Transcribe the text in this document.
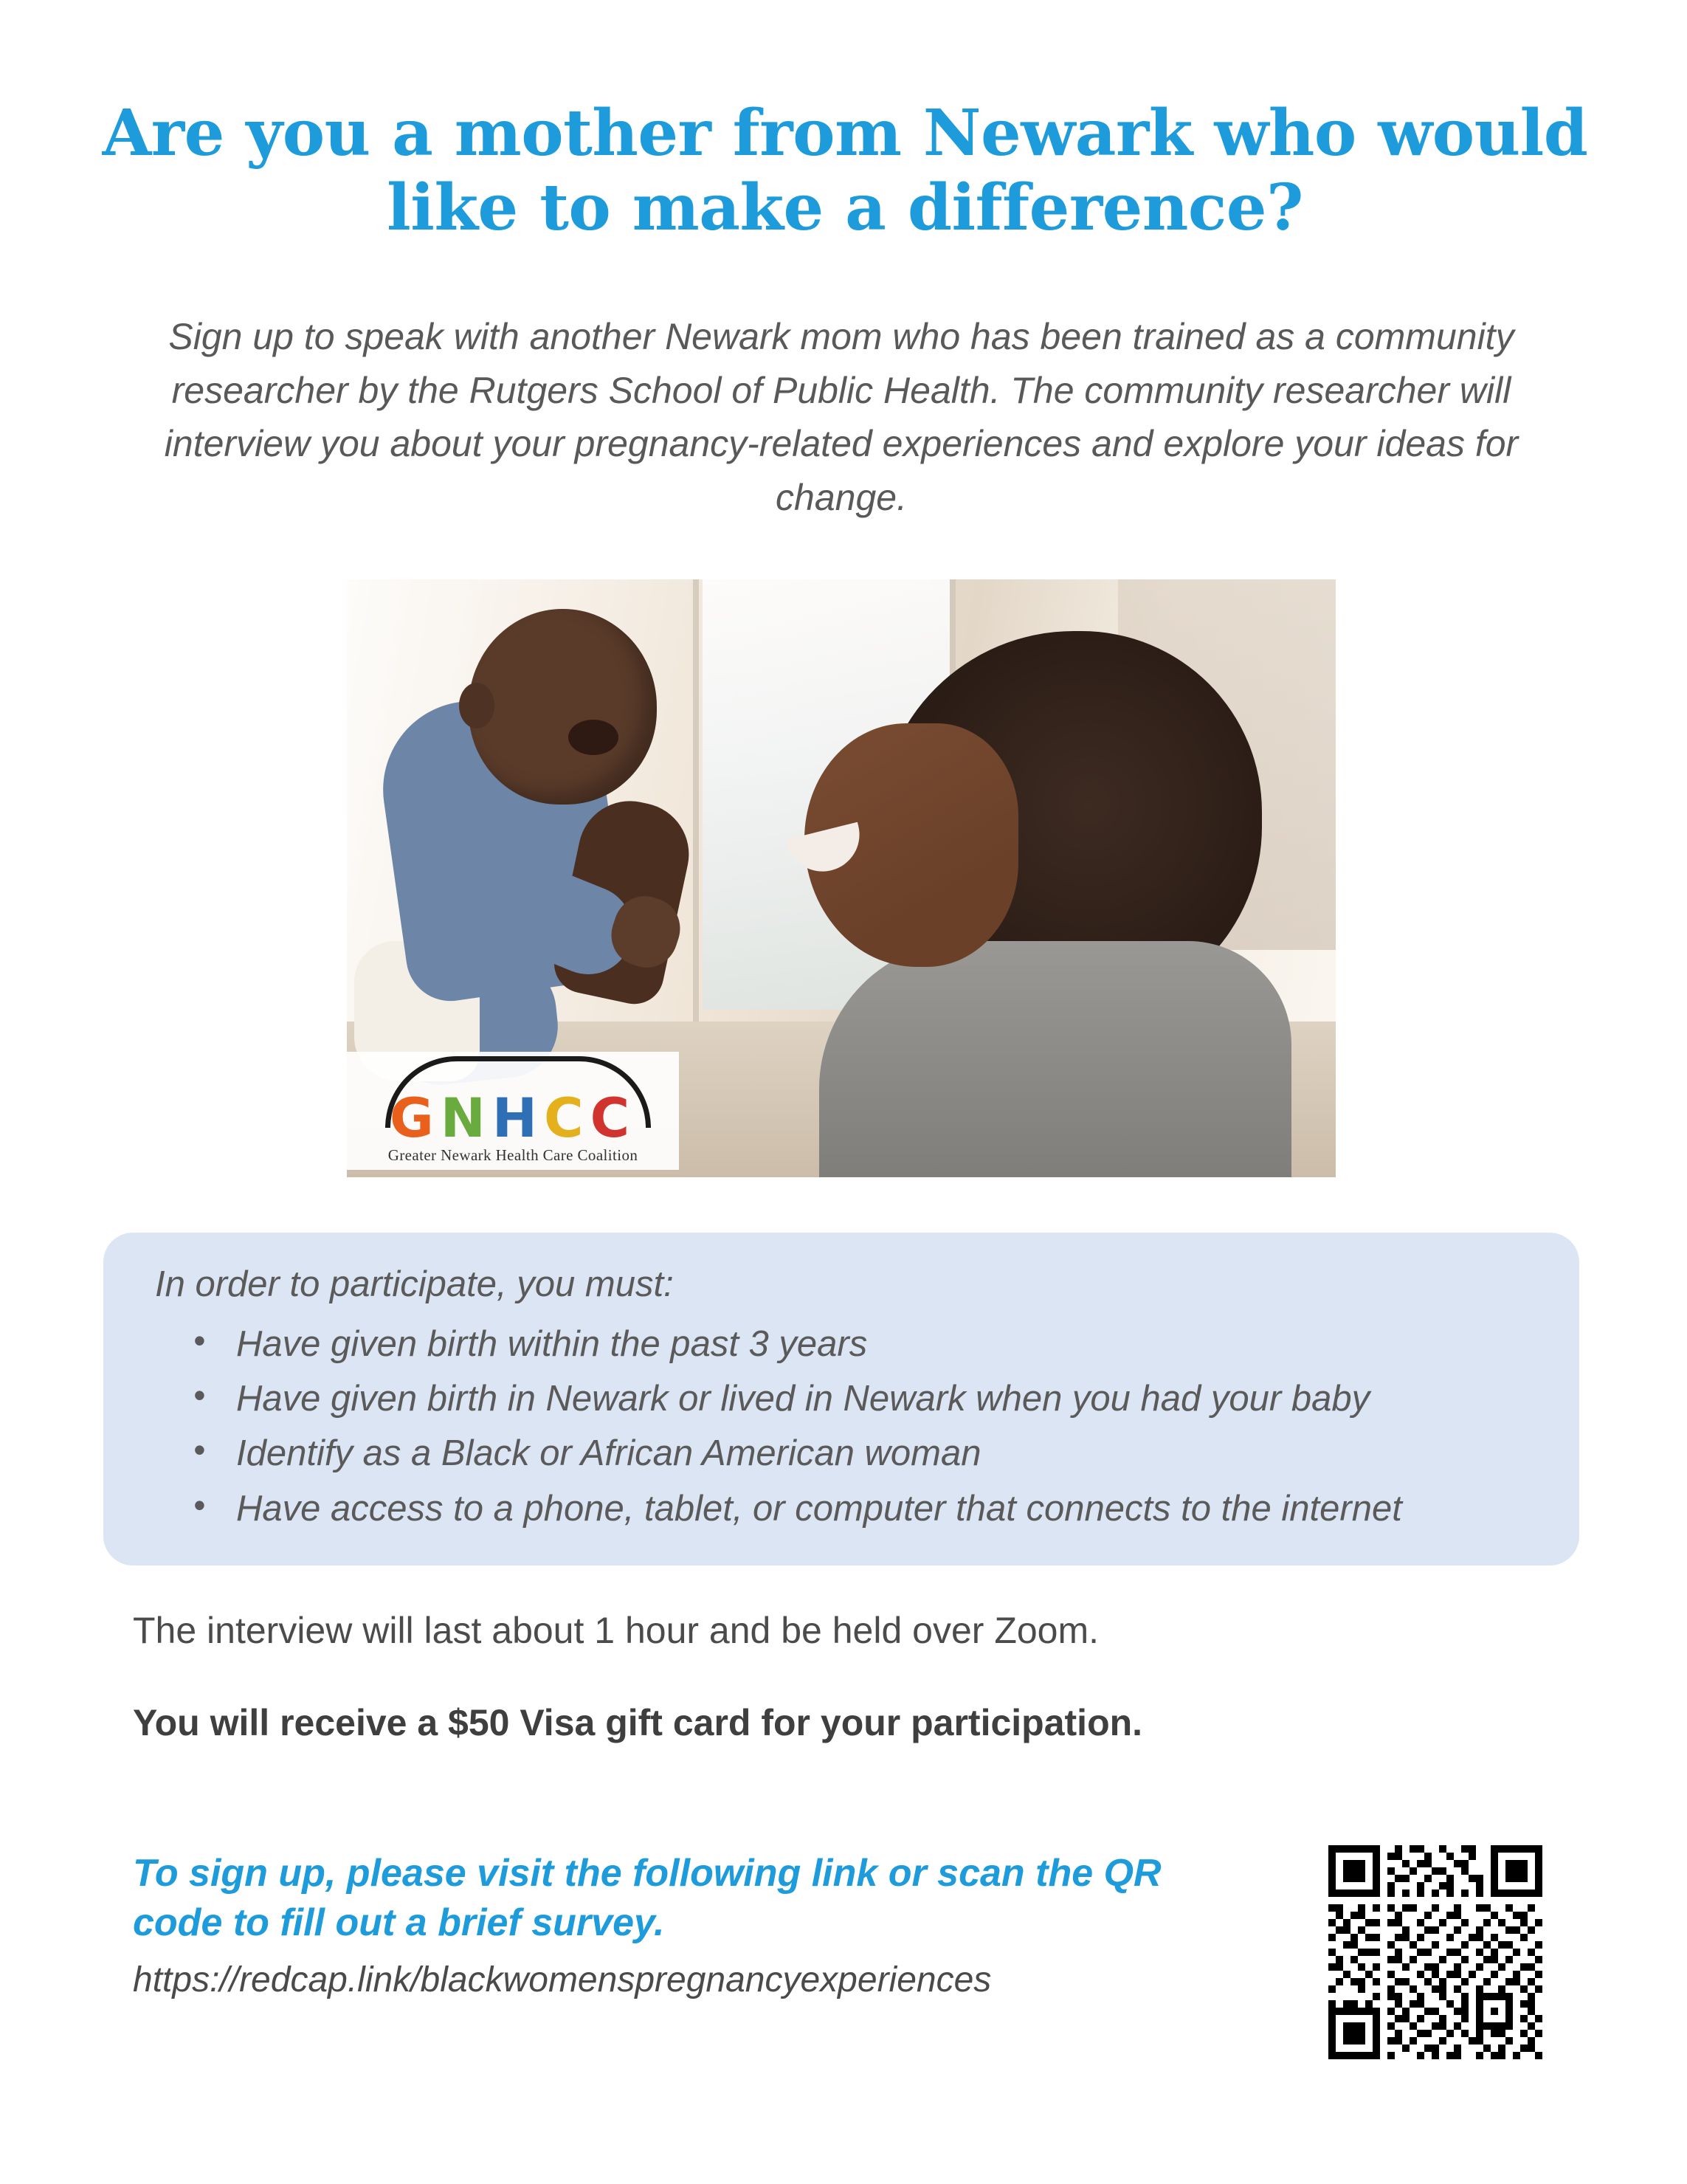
Are you a mother from Newark who would like to make a difference?
Sign up to speak with another Newark mom who has been trained as a community researcher by the Rutgers School of Public Health. The community researcher will interview you about your pregnancy-related experiences and explore your ideas for change.
GNHCC
Greater Newark Health Care Coalition

In order to participate, you must:

• Have given birth within the past 3 years
• Have given birth in Newark or lived in Newark when you had your baby
• Identify as a Black or African American woman
• Have access to a phone, tablet, or computer that connects to the internet
The interview will last about 1 hour and be held over Zoom.
You will receive a $50 Visa gift card for your participation.
To sign up, please visit the following link or scan the QR code to fill out a brief survey.
https://redcap.link/blackwomenspregnancyexperiences
